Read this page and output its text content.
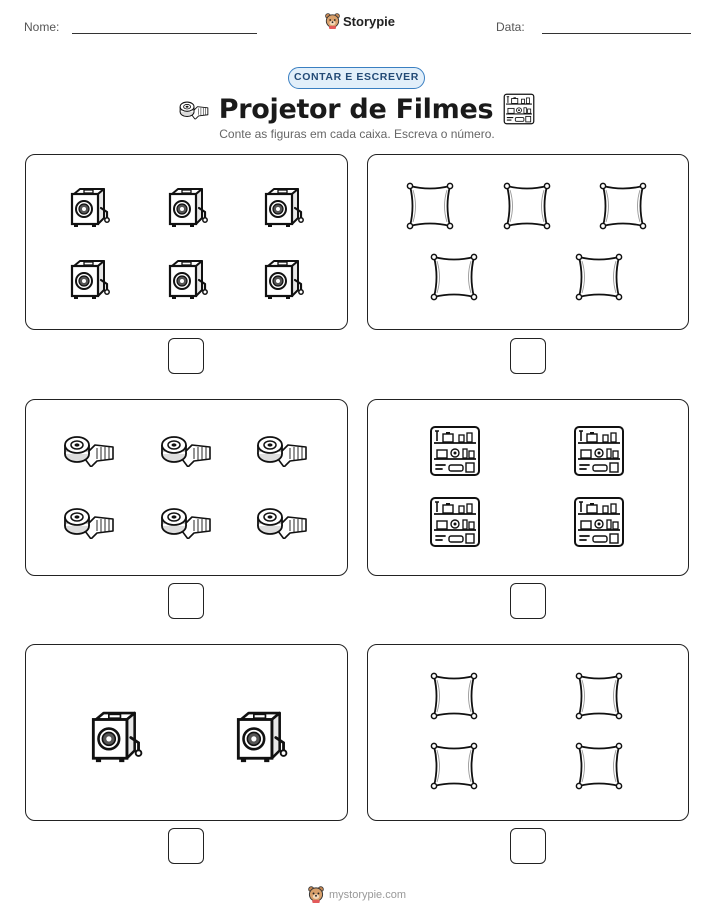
Nome:	Storypie	Data:
CONTAR E ESCREVER
Projetor de Filmes
Conte as figuras em cada caixa. Escreva o número.
mystorypie.com
